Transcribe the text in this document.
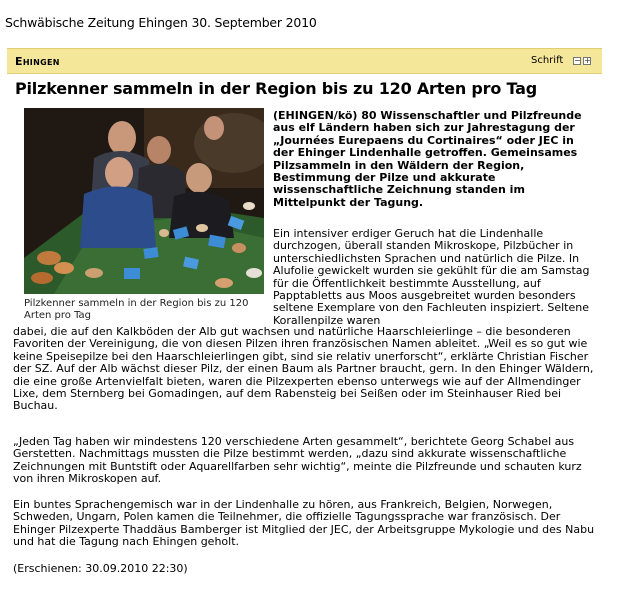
Schwäbische Zeitung Ehingen 30. September 2010
Ehingen	Schrift − +
Pilzkenner sammeln in der Region bis zu 120 Arten pro Tag
Pilzkenner sammeln in der Region bis zu 120 Arten pro Tag
(EHINGEN/kö) 80 Wissenschaftler und Pilzfreunde aus elf Ländern haben sich zur Jahrestagung der „Journées Eurepaens du Cortinaires“ oder JEC in der Ehinger Lindenhalle getroffen. Gemeinsames Pilzsammeln in den Wäldern der Region, Bestimmung der Pilze und akkurate wissenschaftliche Zeichnung standen im Mittelpunkt der Tagung.
Ein intensiver erdiger Geruch hat die Lindenhalle durchzogen, überall standen Mikroskope, Pilzbücher in unterschiedlichsten Sprachen und natürlich die Pilze. In Alufolie gewickelt wurden sie gekühlt für die am Samstag für die Öffentlichkeit bestimmte Ausstellung, auf Papptabletts aus Moos ausgebreitet wurden besonders seltene Exemplare von den Fachleuten inspiziert. Seltene Korallenpilze waren
dabei, die auf den Kalkböden der Alb gut wachsen und natürliche Haarschleierlinge – die besonderen Favoriten der Vereinigung, die von diesen Pilzen ihren französischen Namen ableitet. „Weil es so gut wie keine Speisepilze bei den Haarschleierlingen gibt, sind sie relativ unerforscht“, erklärte Christian Fischer der SZ. Auf der Alb wächst dieser Pilz, der einen Baum als Partner braucht, gern. In den Ehinger Wäldern, die eine große Artenvielfalt bieten, waren die Pilzexperten ebenso unterwegs wie auf der Allmendinger Lixe, dem Sternberg bei Gomadingen, auf dem Rabensteig bei Seißen oder im Steinhauser Ried bei Buchau.
„Jeden Tag haben wir mindestens 120 verschiedene Arten gesammelt“, berichtete Georg Schabel aus Gerstetten. Nachmittags mussten die Pilze bestimmt werden, „dazu sind akkurate wissenschaftliche Zeichnungen mit Buntstift oder Aquarellfarben sehr wichtig“, meinte die Pilzfreunde und schauten kurz von ihren Mikroskopen auf.
Ein buntes Sprachengemisch war in der Lindenhalle zu hören, aus Frankreich, Belgien, Norwegen, Schweden, Ungarn, Polen kamen die Teilnehmer, die offizielle Tagungssprache war französisch. Der Ehinger Pilzexperte Thaddäus Bamberger ist Mitglied der JEC, der Arbeitsgruppe Mykologie und des Nabu und hat die Tagung nach Ehingen geholt.
(Erschienen: 30.09.2010 22:30)
